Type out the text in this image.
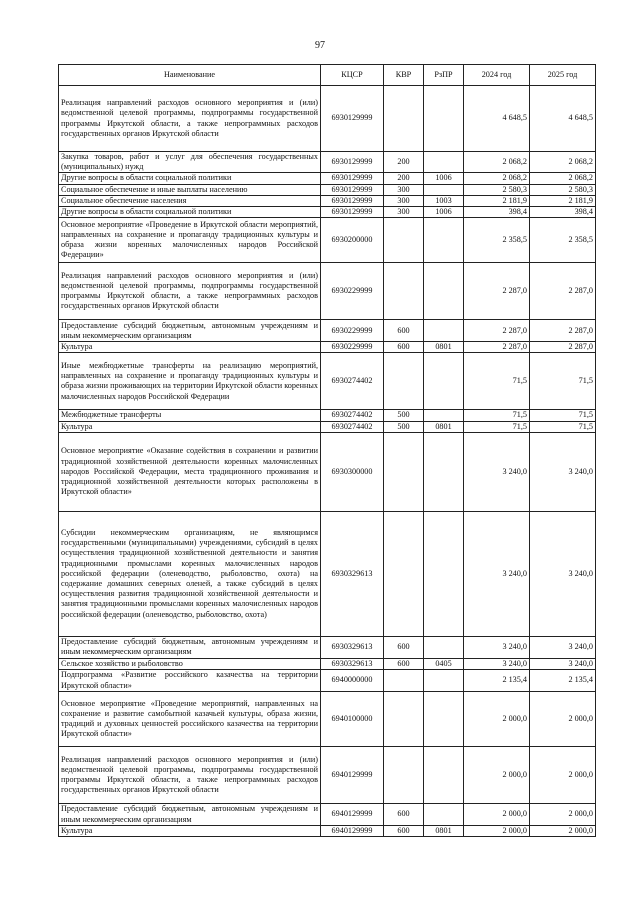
97
Наименование	КЦСР	КВР	РзПР	2024 год	2025 год
Реализация направлений расходов основного мероприятия и (или) ведомственной целевой программы, подпрограммы государственной программы Иркутской области, а также непрограммных расходов государственных органов Иркутской области	6930129999			4 648,5	4 648,5
Закупка товаров, работ и услуг для обеспечения государственных (муниципальных) нужд	6930129999	200		2 068,2	2 068,2
Другие вопросы в области социальной политики	6930129999	200	1006	2 068,2	2 068,2
Социальное обеспечение и иные выплаты населению	6930129999	300		2 580,3	2 580,3
Социальное обеспечение населения	6930129999	300	1003	2 181,9	2 181,9
Другие вопросы в области социальной политики	6930129999	300	1006	398,4	398,4
Основное мероприятие «Проведение в Иркутской области мероприятий, направленных на сохранение и пропаганду традиционных культуры и образа жизни коренных малочисленных народов Российской Федерации»	6930200000			2 358,5	2 358,5
Реализация направлений расходов основного мероприятия и (или) ведомственной целевой программы, подпрограммы государственной программы Иркутской области, а также непрограммных расходов государственных органов Иркутской области	6930229999			2 287,0	2 287,0
Предоставление субсидий бюджетным, автономным учреждениям и иным некоммерческим организациям	6930229999	600		2 287,0	2 287,0
Культура	6930229999	600	0801	2 287,0	2 287,0
Иные межбюджетные трансферты на реализацию мероприятий, направленных на сохранение и пропаганду традиционных культуры и образа жизни проживающих на территории Иркутской области коренных малочисленных народов Российской Федерации	6930274402			71,5	71,5
Межбюджетные трансферты	6930274402	500		71,5	71,5
Культура	6930274402	500	0801	71,5	71,5
Основное мероприятие «Оказание содействия в сохранении и развитии традиционной хозяйственной деятельности коренных малочисленных народов Российской Федерации, места традиционного проживания и традиционной хозяйственной деятельности которых расположены в Иркутской области»	6930300000			3 240,0	3 240,0
Субсидии некоммерческим организациям, не являющимся государственными (муниципальными) учреждениями, субсидий в целях осуществления традиционной хозяйственной деятельности и занятия традиционными промыслами коренных малочисленных народов российской федерации (оленеводство, рыболовство, охота) на содержание домашних северных оленей, а также субсидий в целях осуществления развития традиционной хозяйственной деятельности и занятия традиционными промыслами коренных малочисленных народов российской федерации (оленеводство, рыболовство, охота)	6930329613			3 240,0	3 240,0
Предоставление субсидий бюджетным, автономным учреждениям и иным некоммерческим организациям	6930329613	600		3 240,0	3 240,0
Сельское хозяйство и рыболовство	6930329613	600	0405	3 240,0	3 240,0
Подпрограмма «Развитие российского казачества на территории Иркутской области»	6940000000			2 135,4	2 135,4
Основное мероприятие «Проведение мероприятий, направленных на сохранение и развитие самобытной казачьей культуры, образа жизни, традиций и духовных ценностей российского казачества на территории Иркутской области»	6940100000			2 000,0	2 000,0
Реализация направлений расходов основного мероприятия и (или) ведомственной целевой программы, подпрограммы государственной программы Иркутской области, а также непрограммных расходов государственных органов Иркутской области	6940129999			2 000,0	2 000,0
Предоставление субсидий бюджетным, автономным учреждениям и иным некоммерческим организациям	6940129999	600		2 000,0	2 000,0
Культура	6940129999	600	0801	2 000,0	2 000,0
